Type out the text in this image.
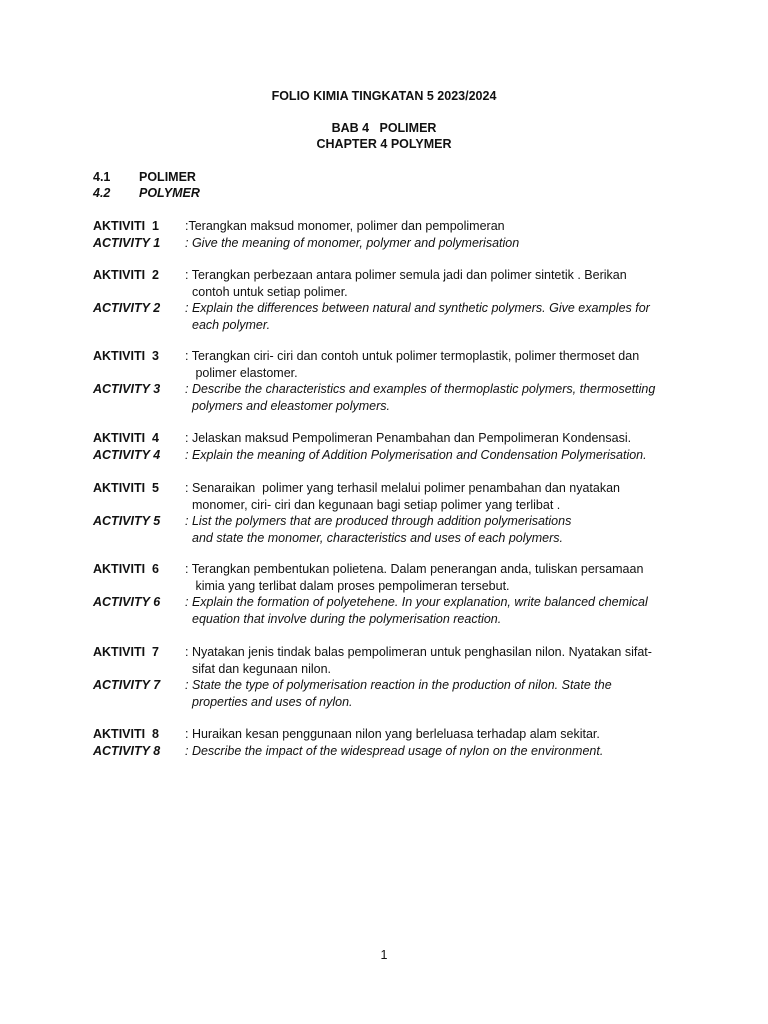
FOLIO KIMIA TINGKATAN 5 2023/2024
BAB 4   POLIMER
CHAPTER 4 POLYMER
4.1 POLIMER
4.2 POLYMER
AKTIVITI  1	:Terangkan maksud monomer, polimer dan pempolimeran
ACTIVITY 1	: Give the meaning of monomer, polymer and polymerisation
AKTIVITI  2	: Terangkan perbezaan antara polimer semula jadi dan polimer sintetik . Berikan
contoh untuk setiap polimer.
ACTIVITY 2	: Explain the differences between natural and synthetic polymers. Give examples for
each polymer.
AKTIVITI  3	: Terangkan ciri- ciri dan contoh untuk polimer termoplastik, polimer thermoset dan
polimer elastomer.
ACTIVITY 3	: Describe the characteristics and examples of thermoplastic polymers, thermosetting
polymers and eleastomer polymers.
AKTIVITI  4	: Jelaskan maksud Pempolimeran Penambahan dan Pempolimeran Kondensasi.
ACTIVITY 4	: Explain the meaning of Addition Polymerisation and Condensation Polymerisation.
AKTIVITI  5	: Senaraikan  polimer yang terhasil melalui polimer penambahan dan nyatakan
monomer, ciri- ciri dan kegunaan bagi setiap polimer yang terlibat .
ACTIVITY 5	: List the polymers that are produced through addition polymerisations
and state the monomer, characteristics and uses of each polymers.
AKTIVITI  6	: Terangkan pembentukan polietena. Dalam penerangan anda, tuliskan persamaan
kimia yang terlibat dalam proses pempolimeran tersebut.
ACTIVITY 6	: Explain the formation of polyetehene. In your explanation, write balanced chemical
equation that involve during the polymerisation reaction.
AKTIVITI  7	: Nyatakan jenis tindak balas pempolimeran untuk penghasilan nilon. Nyatakan sifat-
sifat dan kegunaan nilon.
ACTIVITY 7	: State the type of polymerisation reaction in the production of nilon. State the
properties and uses of nylon.
AKTIVITI  8	: Huraikan kesan penggunaan nilon yang berleluasa terhadap alam sekitar.
ACTIVITY 8	: Describe the impact of the widespread usage of nylon on the environment.
1
